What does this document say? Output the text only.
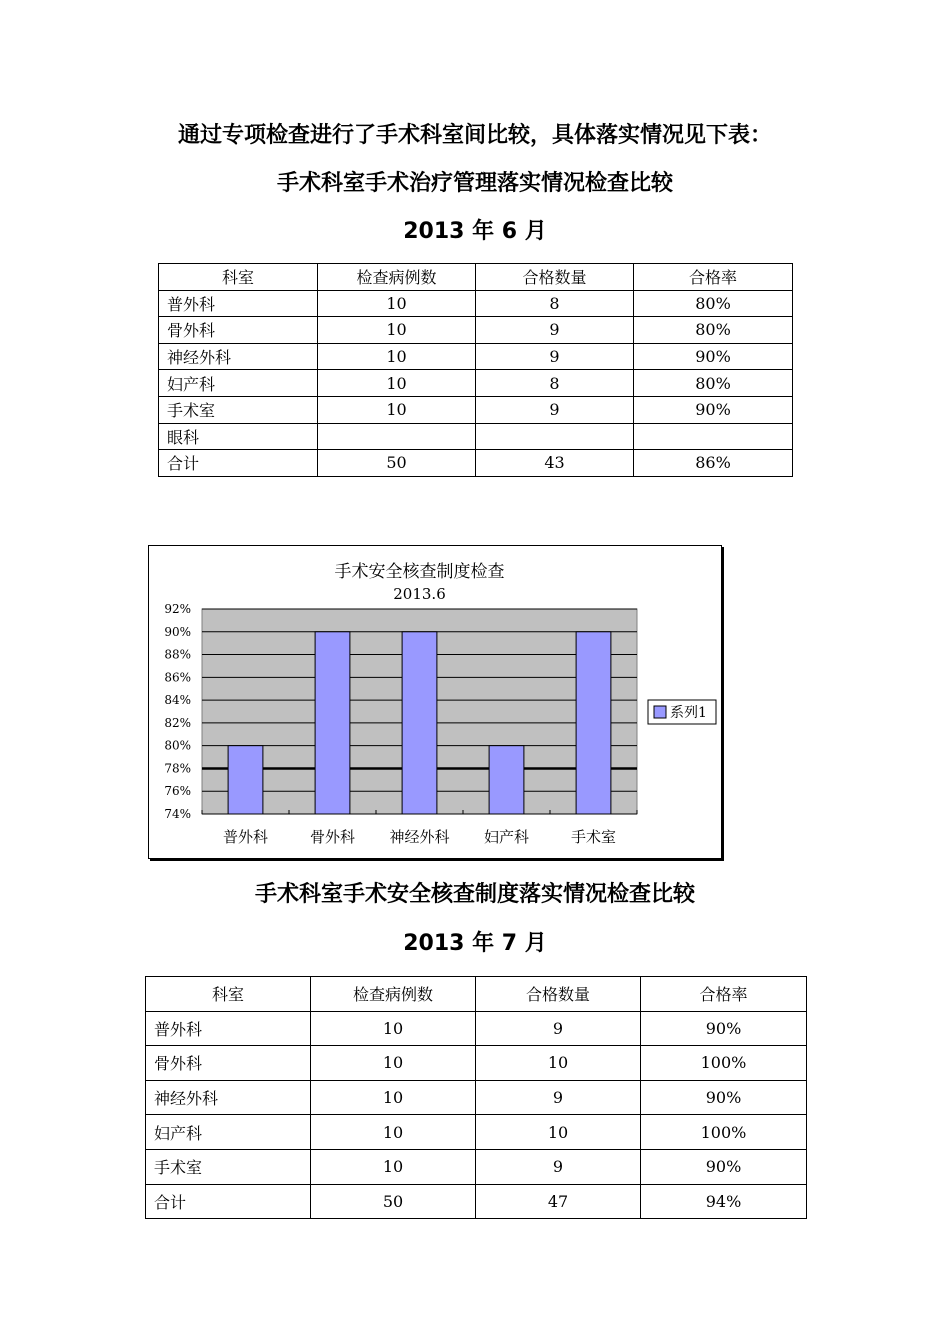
通过专项检查进行了手术科室间比较，具体落实情况见下表：
手术科室手术治疗管理落实情况检查比较
2013 年 6 月
科室	检查病例数	合格数量	合格率
普外科	10	8	80%
骨外科	10	9	80%
神经外科	10	9	90%
妇产科	10	8	80%
手术室	10	9	90%
眼科			
合计	50	43	86%
手术安全核查制度检查
2013.6
74%
76%
78%
80%
82%
84%
86%
88%
90%
92%
普外科	骨外科 神经外科 妇产科	手术室
系列1
手术科室手术安全核查制度落实情况检查比较
2013 年 7 月
科室	检查病例数	合格数量	合格率
普外科	10	9	90%
骨外科	10	10	100%
神经外科	10	9	90%
妇产科	10	10	100%
手术室	10	9	90%
合计	50	47	94%
